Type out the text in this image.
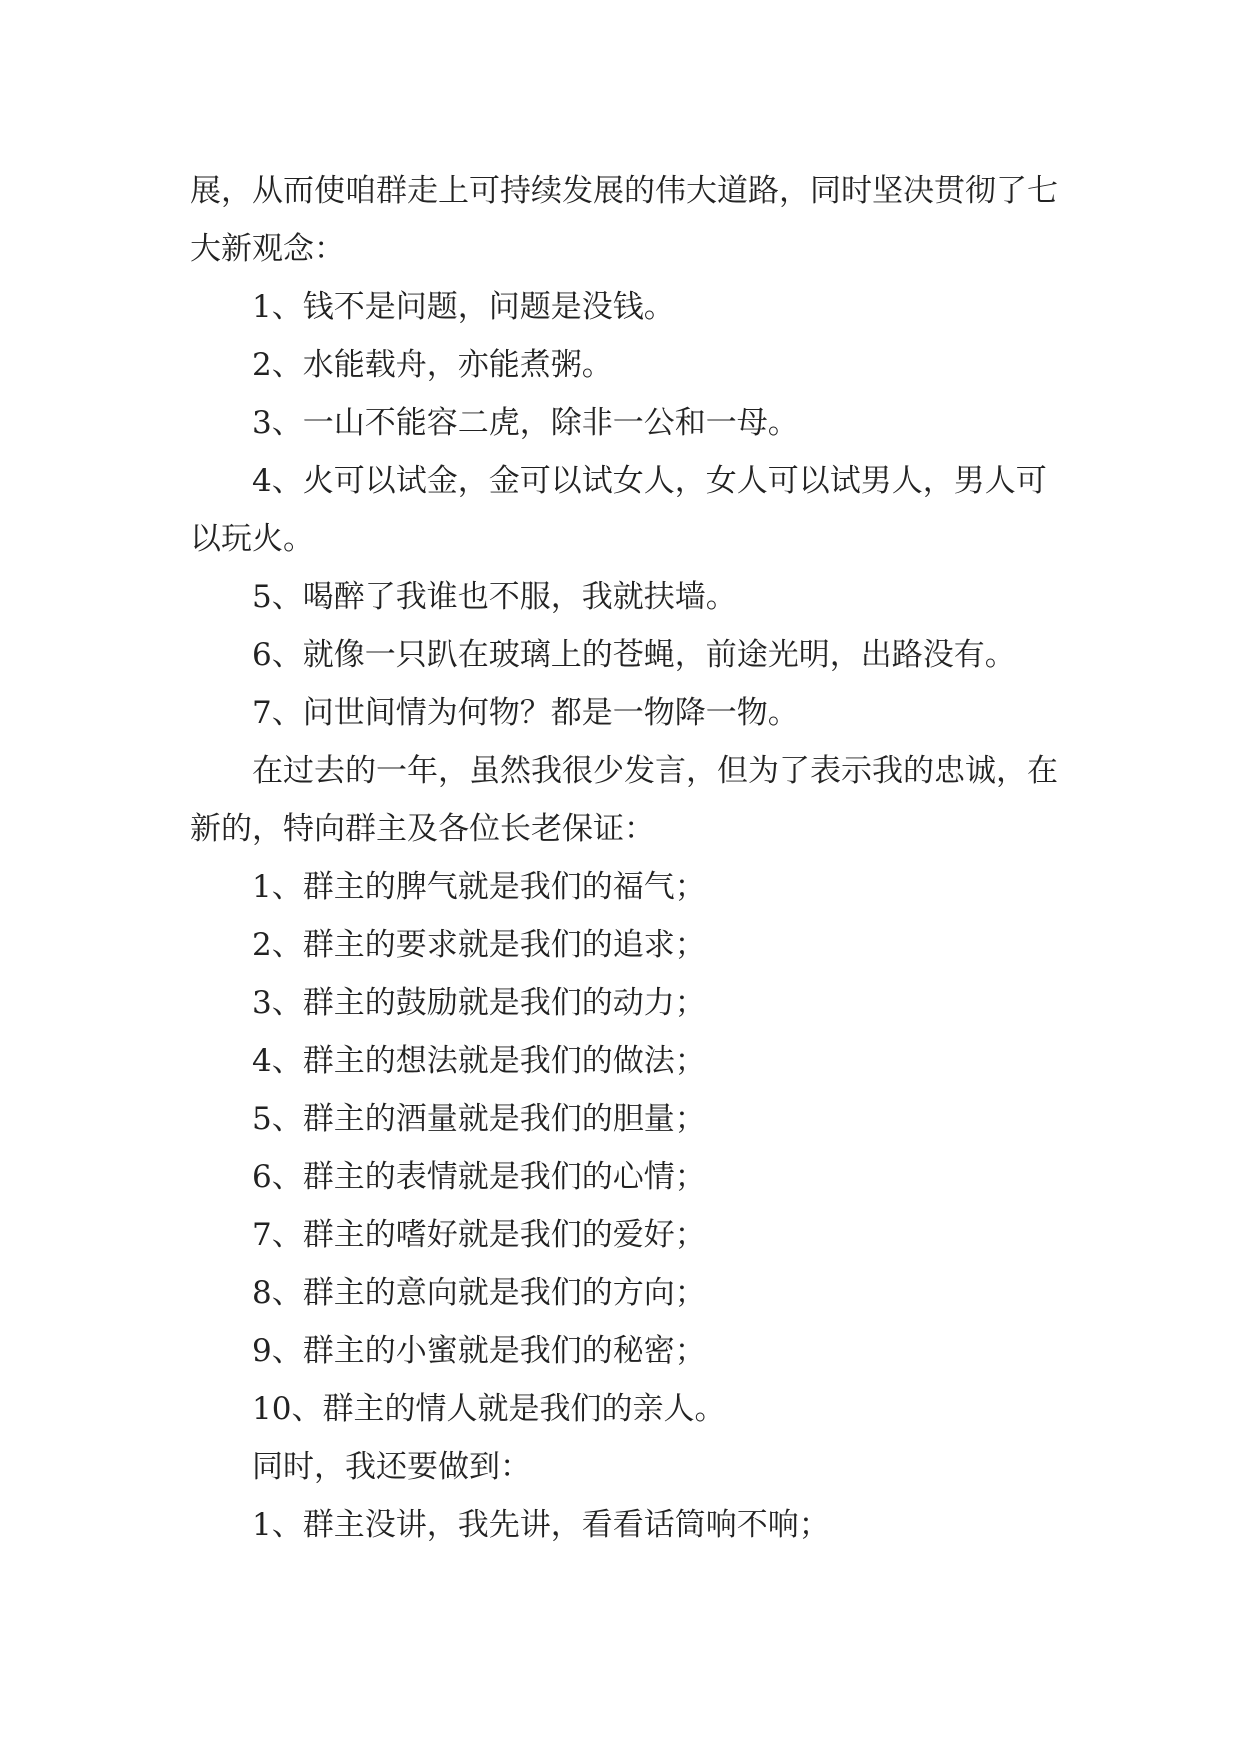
展，从而使咱群走上可持续发展的伟大道路，同时坚决贯彻了七大新观念：

1、钱不是问题，问题是没钱。

2、水能载舟，亦能煮粥。

3、一山不能容二虎，除非一公和一母。

4、火可以试金，金可以试女人，女人可以试男人，男人可以玩火。

5、喝醉了我谁也不服，我就扶墙。

6、就像一只趴在玻璃上的苍蝇，前途光明，出路没有。

7、问世间情为何物？都是一物降一物。

在过去的一年，虽然我很少发言，但为了表示我的忠诚，在新的，特向群主及各位长老保证：

1、群主的脾气就是我们的福气；

2、群主的要求就是我们的追求；

3、群主的鼓励就是我们的动力；

4、群主的想法就是我们的做法；

5、群主的酒量就是我们的胆量；

6、群主的表情就是我们的心情；

7、群主的嗜好就是我们的爱好；

8、群主的意向就是我们的方向；

9、群主的小蜜就是我们的秘密；

10、群主的情人就是我们的亲人。

同时，我还要做到：

1、群主没讲，我先讲，看看话筒响不响；
